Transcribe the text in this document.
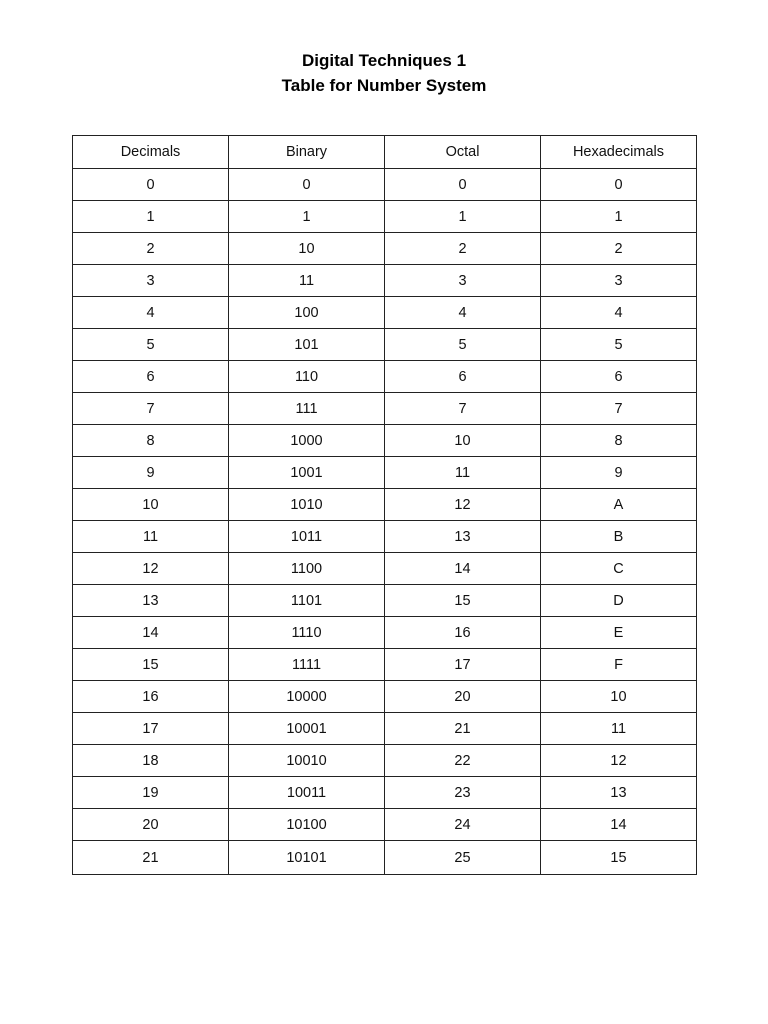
Digital Techniques 1
Table for Number System
Decimals	Binary	Octal	Hexadecimals
0	0	0	0
1	1	1	1
2	10	2	2
3	11	3	3
4	100	4	4
5	101	5	5
6	110	6	6
7	111	7	7
8	1000	10	8
9	1001	11	9
10	1010	12	A
11	1011	13	B
12	1100	14	C
13	1101	15	D
14	1110	16	E
15	1111	17	F
16	10000	20	10
17	10001	21	11
18	10010	22	12
19	10011	23	13
20	10100	24	14
21	10101	25	15
